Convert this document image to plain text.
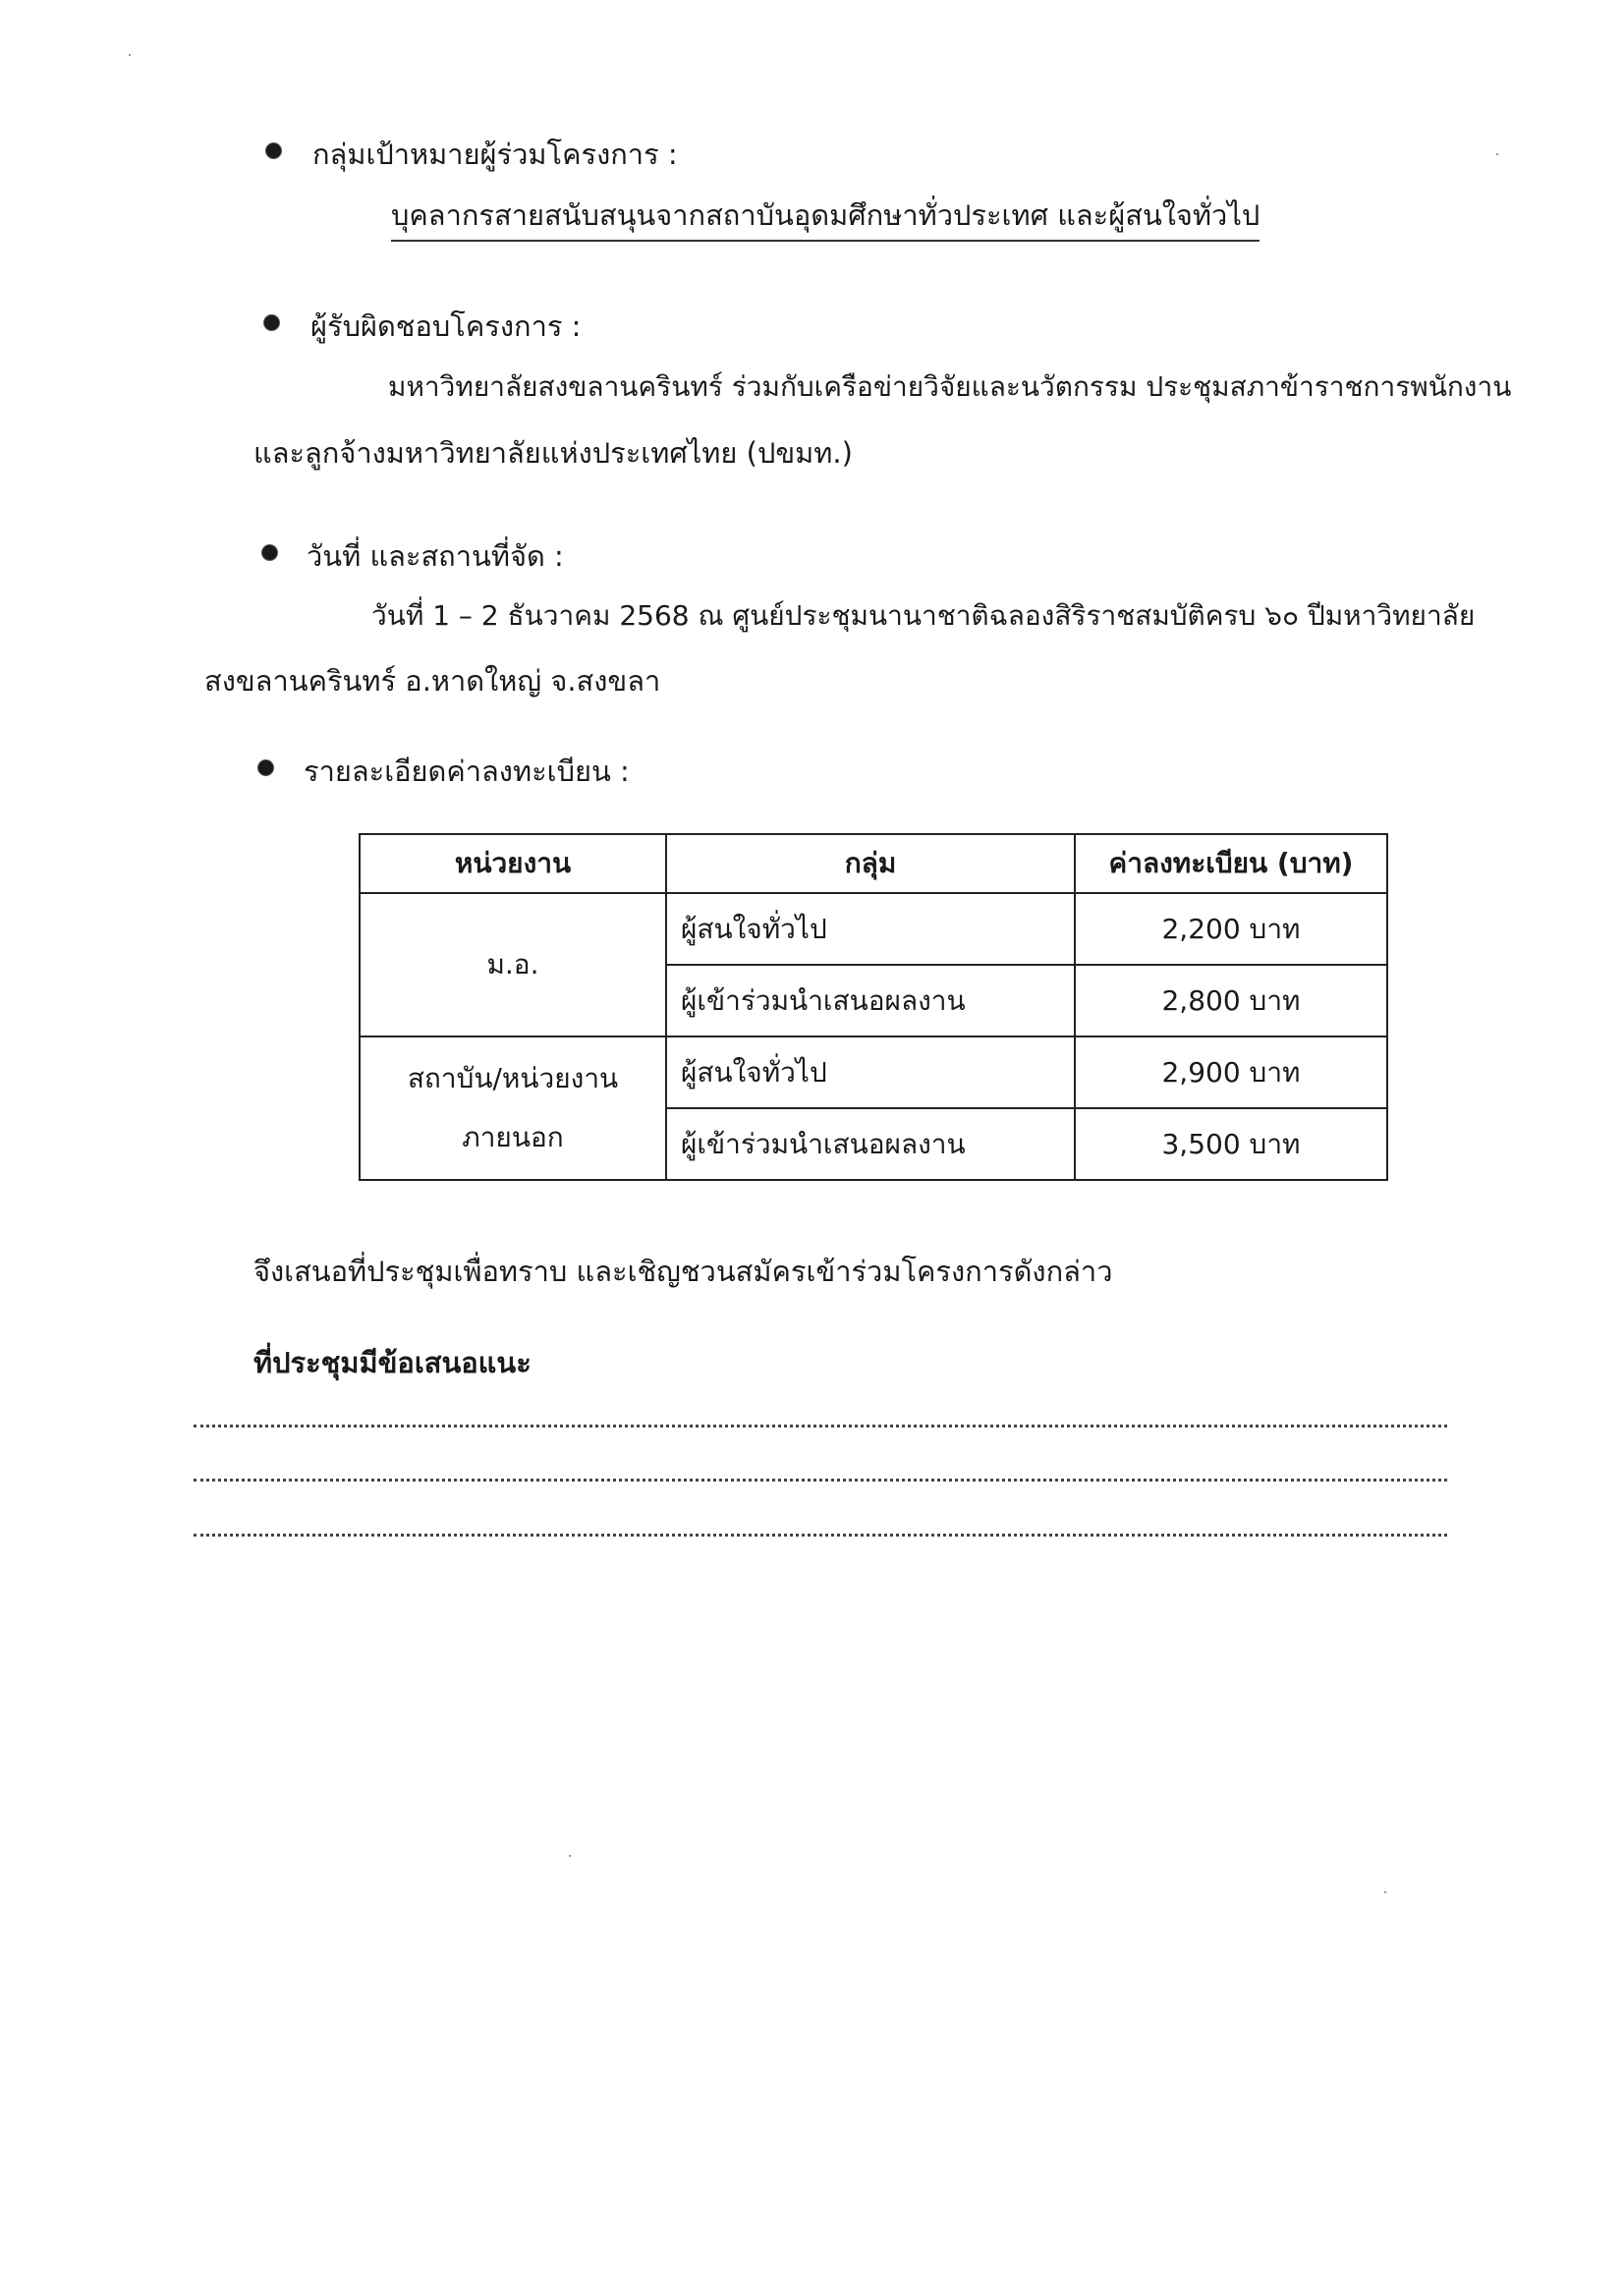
กลุ่มเป้าหมายผู้ร่วมโครงการ :
บุคลากรสายสนับสนุนจากสถาบันอุดมศึกษาทั่วประเทศ และผู้สนใจทั่วไป
ผู้รับผิดชอบโครงการ :
มหาวิทยาลัยสงขลานครินทร์ ร่วมกับเครือข่ายวิจัยและนวัตกรรม ประชุมสภาข้าราชการพนักงาน
และลูกจ้างมหาวิทยาลัยแห่งประเทศไทย (ปขมท.)
วันที่ และสถานที่จัด :
วันที่ 1 – 2 ธันวาคม 2568 ณ ศูนย์ประชุมนานาชาติฉลองสิริราชสมบัติครบ ๖๐ ปีมหาวิทยาลัย
สงขลานครินทร์ อ.หาดใหญ่ จ.สงขลา
รายละเอียดค่าลงทะเบียน :
หน่วยงาน	กลุ่ม	ค่าลงทะเบียน (บาท)

ม.อ.	ผู้สนใจทั่วไป	2,200 บาท
	ผู้เข้าร่วมนำเสนอผลงาน	2,800 บาท

สถาบัน/หน่วยงาน
ภายนอก	ผู้สนใจทั่วไป	2,900 บาท
	ผู้เข้าร่วมนำเสนอผลงาน	3,500 บาท
จึงเสนอที่ประชุมเพื่อทราบ และเชิญชวนสมัครเข้าร่วมโครงการดังกล่าว
ที่ประชุมมีข้อเสนอแนะ
